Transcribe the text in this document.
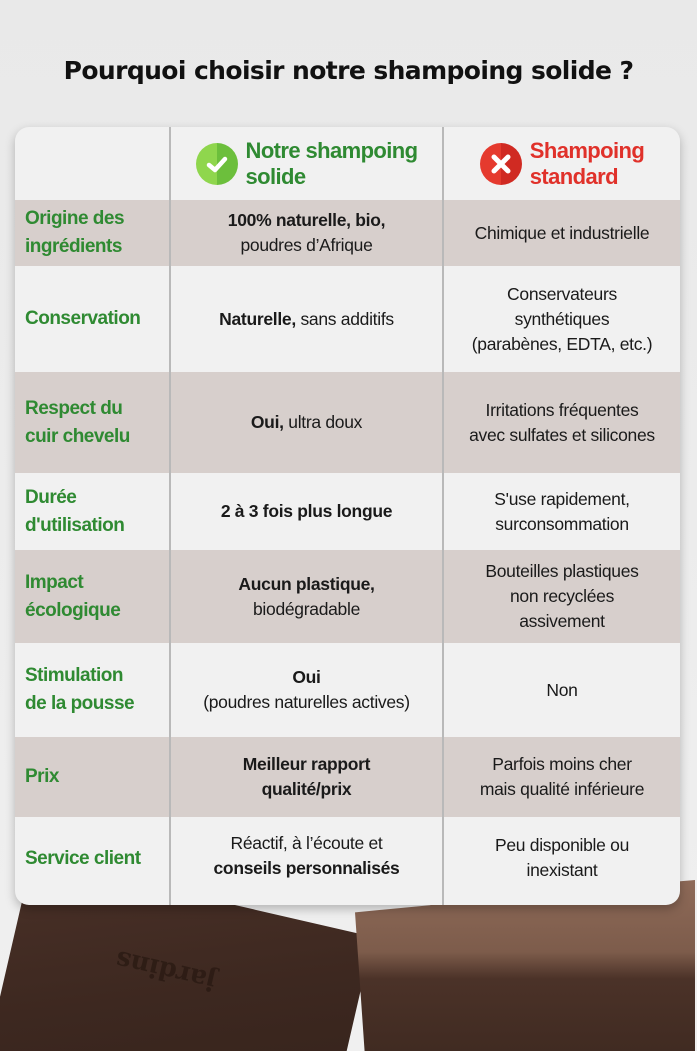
Pourquoi choisir notre shampoing solide ?
Notre shampoing
solide
Shampoing
standard
Origine des
ingrédients
100% naturelle, bio,
poudres d’Afrique
Chimique et industrielle
Conservation	Naturelle, sans additifs
Conservateurs
synthétiques
(parabènes, EDTA, etc.)
Respect du
cuir chevelu
Oui, ultra doux
Irritations fréquentes
avec sulfates et silicones
Durée
d'utilisation
2 à 3 fois plus longue
S'use rapidement,
surconsommation
Impact
écologique
Aucun plastique,
biodégradable
Bouteilles plastiques
non recyclées
assivement
Stimulation
de la pousse
Oui
(poudres naturelles actives)
Non
Prix
Meilleur rapport
qualité/prix
Parfois moins cher
mais qualité inférieure
Service client
Réactif, à l’écoute et
conseils personnalisés
Peu disponible ou
inexistant
jardins
